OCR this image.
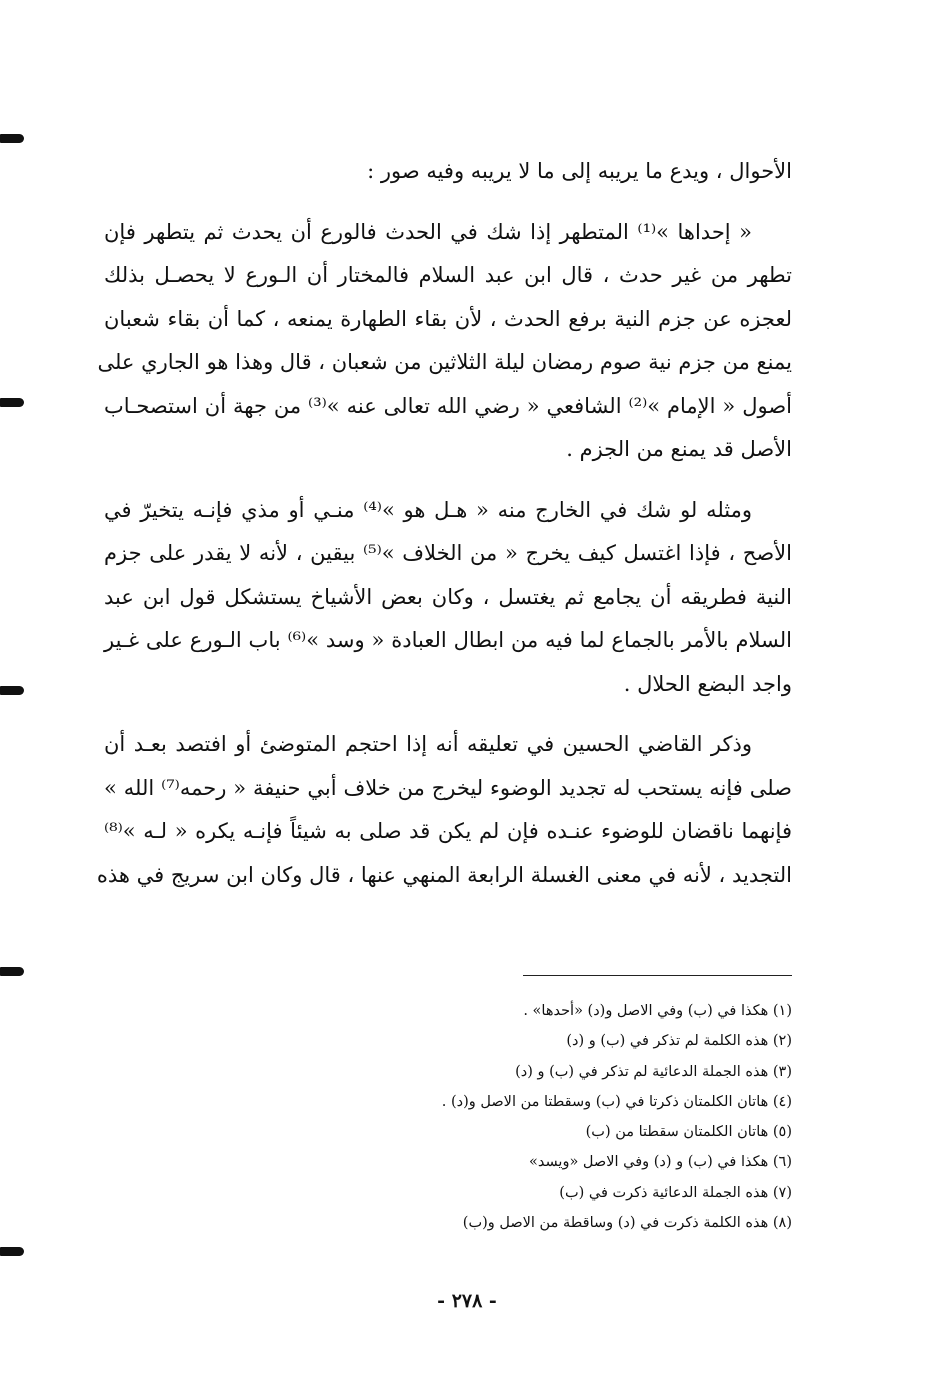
الأحوال ، ويدع ما يريبه إلى ما لا يريبه وفيه صور :
« إحداها »⁽¹⁾ المتطهر إذا شك في الحدث فالورع أن يحدث ثم يتطهر فإن
تطهر من غير حدث ، قال ابن عبد السلام فالمختار أن الـورع لا يحصـل بذلك
لعجزه عن جزم النية برفع الحدث ، لأن بقاء الطهارة يمنعه ، كما أن بقاء شعبان
يمنع من جزم نية صوم رمضان ليلة الثلاثين من شعبان ، قال وهذا هو الجاري على
أصول « الإمام »⁽²⁾ الشافعي « رضي الله تعالى عنه »⁽³⁾ من جهة أن استصحـاب
الأصل قد يمنع من الجزم .
ومثله لو شك في الخارج منه « هـل هو »⁽⁴⁾ منـي أو مذي فإنـه يتخيرّ في
الأصح ، فإذا اغتسل كيف يخرج « من الخلاف »⁽⁵⁾ بيقين ، لأنه لا يقدر على جزم
النية فطريقه أن يجامع ثم يغتسل ، وكان بعض الأشياخ يستشكل قول ابن عبد
السلام بالأمر بالجماع لما فيه من ابطال العبادة « وسد »⁽⁶⁾ باب الـورع على غـير
واجد البضع الحلال .
وذكر القاضي الحسين في تعليقه أنه إذا احتجم المتوضئ أو افتصد بعـد أن
صلى فإنه يستحب له تجديد الوضوء ليخرج من خلاف أبي حنيفة « رحمه⁽⁷⁾ الله »
فإنهما ناقضان للوضوء عنـده فإن لم يكن قد صلى به شيئاً فإنـه يكره « لـه »⁽⁸⁾
التجديد ، لأنه في معنى الغسلة الرابعة المنهي عنها ، قال وكان ابن سريج في هذه
(١) هكذا في (ب) وفي الاصل و(د) «أحدها» .
(٢) هذه الكلمة لم تذكر في (ب) و (د)
(٣) هذه الجملة الدعائية لم تذكر في (ب) و (د)
(٤) هاتان الكلمتان ذكرتا في (ب) وسقطتا من الاصل و(د) .
(٥) هاتان الكلمتان سقطتا من (ب)
(٦) هكذا في (ب) و (د) وفي الاصل «ويسد»
(٧) هذه الجملة الدعائية ذكرت في (ب)
(٨) هذه الكلمة ذكرت في (د) وساقطة من الاصل و(ب)
- ٢٧٨ -
